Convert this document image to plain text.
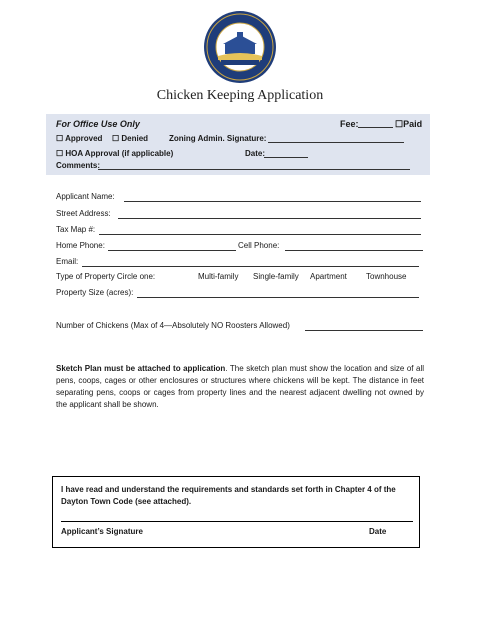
Chicken Keeping Application
For Office Use Only	Fee:	☐Paid
☐ Approved ☐ Denied	Zoning Admin. Signature:
☐ HOA Approval (if applicable)	Date:
Comments:
Applicant Name:
Street Address:
Tax Map #:
Home Phone:	Cell Phone:
Email:
Type of Property Circle one:	Multi-family Single-family Apartment Townhouse
Property Size (acres):
Number of Chickens (Max of 4—Absolutely NO Roosters Allowed)
Sketch Plan must be attached to application. The sketch plan must show the location and size of all pens, coops, cages or other enclosures or structures where chickens will be kept. The distance in feet separating pens, coops or cages from property lines and the nearest adjacent dwelling not owned by the applicant shall be shown.
I have read and understand the requirements and standards set forth in Chapter 4 of the Dayton Town Code (see attached).
Applicant’s Signature	Date
